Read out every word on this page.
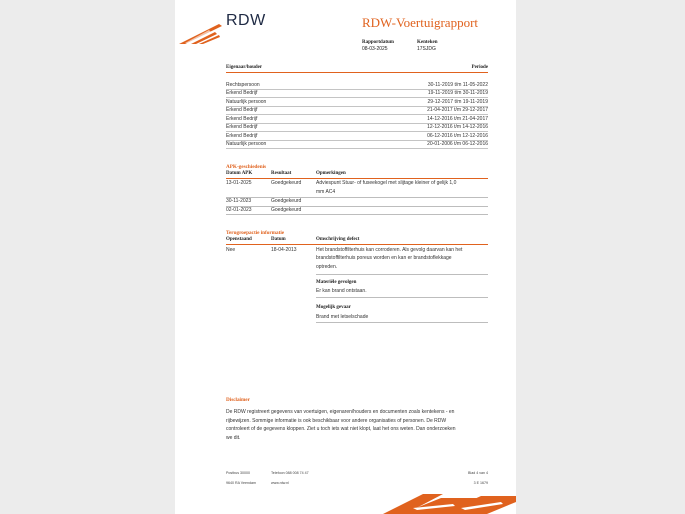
RDW	RDW-Voertuigrapport
Rapportdatum
08-03-2025
Kenteken
17SJDG
Eigenaar/houder	Periode
Rechtspersoon	30-11-2019 t/m 11-05-2022
Erkend Bedrijf	19-11-2019 t/m 30-11-2019
Natuurlijk persoon	29-12-2017 t/m 19-11-2019
Erkend Bedrijf	21-04-2017 t/m 29-12-2017
Erkend Bedrijf	14-12-2016 t/m 21-04-2017
Erkend Bedrijf	12-12-2016 t/m 14-12-2016
Erkend Bedrijf	06-12-2016 t/m 12-12-2016
Natuurlijk persoon	20-01-2006 t/m 06-12-2016
APK-geschiedenis
Datum APK	Resultaat	Opmerkingen
13-01-2025	Goedgekeurd	Adviespunt Stuur- of fuseekogel met slijtage kleiner of gelijk 1,0
mm AC4
30-11-2023	Goedgekeurd
02-01-2023	Goedgekeurd
Terugroepactie informatie
Openstaand	Datum	Omschrijving defect
Nee	18-04-2013	Het brandstoffilterhuis kan corroderen. Als gevolg daarvan kan het
brandstoffilterhuis poreus worden en kan er brandstoflekkage
optreden.
Materiële gevolgen
Er kan brand ontstaan.
Mogelijk gevaar
Brand met letselschade
Disclaimer
De RDW registreert gegevens van voertuigen, eigenaren/houders en documenten zoals kentekens - en
rijbewijzen. Sommige informatie is ook beschikbaar voor andere organisaties of personen. De RDW
controleert of de gegevens kloppen. Ziet u toch iets wat niet klopt, laat het ons weten. Dan onderzoeken
we dit.
Postbus 30000
9640 RA Veendam
Telefoon 088 008 74 47
www.rdw.nl
Blad 4 van 4
3 E 1679
